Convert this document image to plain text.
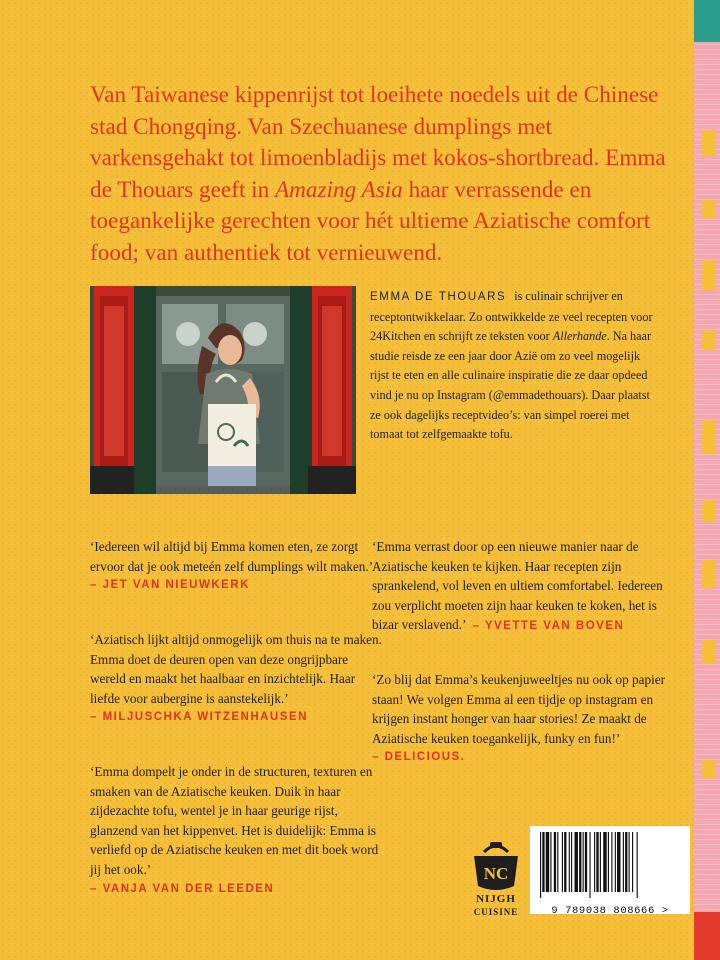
Van Taiwanese kippenrijst tot loeihete noedels uit de Chinese stad Chongqing. Van Szechuanese dumplings met varkensgehakt tot limoenbladijs met kokos-shortbread. Emma de Thouars geeft in Amazing Asia haar verrassende en toegankelijke gerechten voor hét ultieme Aziatische comfort food; van authentiek tot vernieuwend.

EMMA DE THOUARS is culinair schrijver en receptontwikkelaar. Zo ontwikkelde ze veel recepten voor 24Kitchen en schrijft ze teksten voor Allerhande. Na haar studie reisde ze een jaar door Azië om zo veel mogelijk rijst te eten en alle culinaire inspiratie die ze daar opdeed vind je nu op Instagram (@emmadethouars). Daar plaatst ze ook dagelijks receptvideo’s: van simpel roerei met tomaat tot zelfgemaakte tofu.

‘Iedereen wil altijd bij Emma komen eten, ze zorgt ervoor dat je ook meteén zelf dumplings wilt maken.’
– JET VAN NIEUWKERK
‘Aziatisch lijkt altijd onmogelijk om thuis na te maken. Emma doet de deuren open van deze ongrijpbare wereld en maakt het haalbaar en inzichtelijk. Haar liefde voor aubergine is aanstekelijk.’
– MILJUSCHKA WITZENHAUSEN
‘Emma dompelt je onder in de structuren, texturen en smaken van de Aziatische keuken. Duik in haar zijdezachte tofu, wentel je in haar geurige rijst, glanzend van het kippenvet. Het is duidelijk: Emma is verliefd op de Aziatische keuken en met dit boek word jij het ook.’
– VANJA VAN DER LEEDEN
‘Emma verrast door op een nieuwe manier naar de Aziatische keuken te kijken. Haar recepten zijn sprankelend, vol leven en ultiem comfortabel. Iedereen zou verplicht moeten zijn haar keuken te koken, het is bizar verslavend.’ – YVETTE VAN BOVEN
‘Zo blij dat Emma’s keukenjuweeltjes nu ook op papier staan! We volgen Emma al een tijdje op instagram en krijgen instant honger van haar stories! Ze maakt de Aziatische keuken toegankelijk, funky en fun!’
– DELICIOUS.
NC
NIJGH
CUISINE	9 789038 808666 >
